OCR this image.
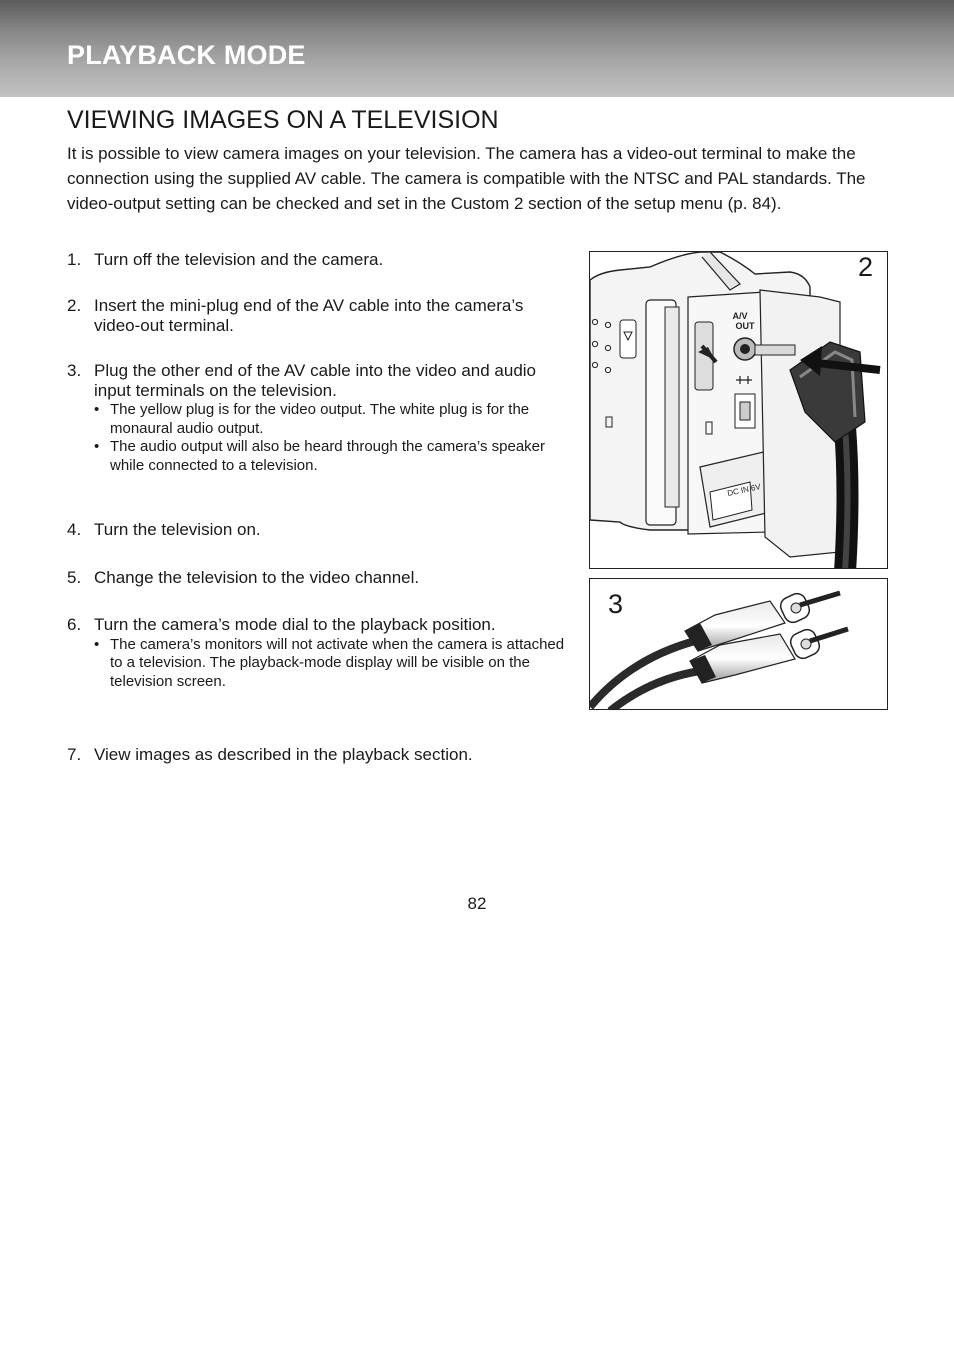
PLAYBACK MODE
VIEWING IMAGES ON A TELEVISION

It is possible to view camera images on your television. The camera has a video-out terminal to make the connection using the supplied AV cable. The camera is compatible with the NTSC and PAL standards. The video-output setting can be checked and set in the Custom 2 section of the setup menu (p. 84).

1. Turn off the television and the camera.
2. Insert the mini-plug end of the AV cable into the camera’s video-out terminal.
3. Plug the other end of the AV cable into the video and audio input terminals on the television.
• The yellow plug is for the video output. The white plug is for the monaural audio output.
• The audio output will also be heard through the camera’s speaker while connected to a television.
4. Turn the television on.
5. Change the television to the video channel.
6. Turn the camera’s mode dial to the playback position.
• The camera’s monitors will not activate when the camera is attached to a television. The playback-mode display will be visible on the television screen.
7. View images as described in the playback section.
A/V
OUT
DC IN 6V
2
3
82
